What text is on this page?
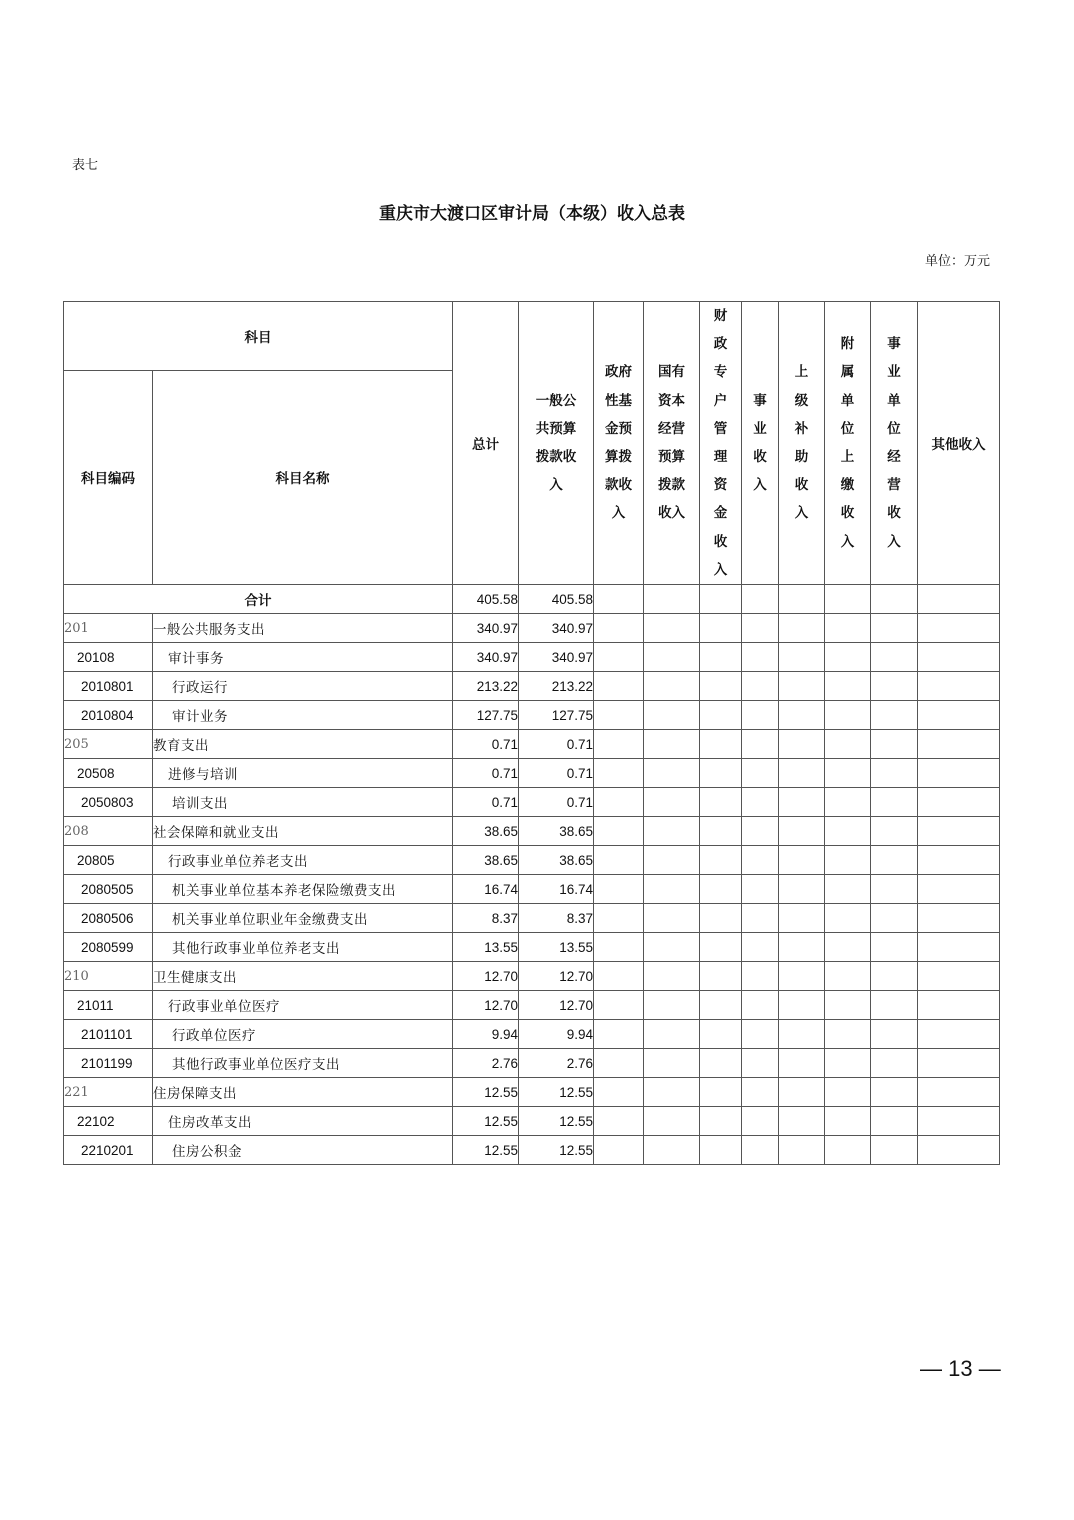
表七
重庆市大渡口区审计局（本级）收入总表
单位：万元
科目		总计	一般公共预算拨款收入	政府性基金预算拨款收入	国有资本经营预算拨款收入	财政专户管理资金收入	事业收入	上级补助收入	附属单位上缴收入	事业单位经营收入	其他收入
科目编码	科目名称										
合计		405.58	405.58								
201	一般公共服务支出	340.97	340.97								
20108	审计事务	340.97	340.97								
2010801	行政运行	213.22	213.22								
2010804	审计业务	127.75	127.75								
205	教育支出	0.71	0.71								
20508	进修与培训	0.71	0.71								
2050803	培训支出	0.71	0.71								
208	社会保障和就业支出	38.65	38.65								
20805	行政事业单位养老支出	38.65	38.65								
2080505	机关事业单位基本养老保险缴费支出	16.74	16.74								
2080506	机关事业单位职业年金缴费支出	8.37	8.37								
2080599	其他行政事业单位养老支出	13.55	13.55								
210	卫生健康支出	12.70	12.70								
21011	行政事业单位医疗	12.70	12.70								
2101101	行政单位医疗	9.94	9.94								
2101199	其他行政事业单位医疗支出	2.76	2.76								
221	住房保障支出	12.55	12.55								
22102	住房改革支出	12.55	12.55								
2210201	住房公积金	12.55	12.55								
— 13 —
